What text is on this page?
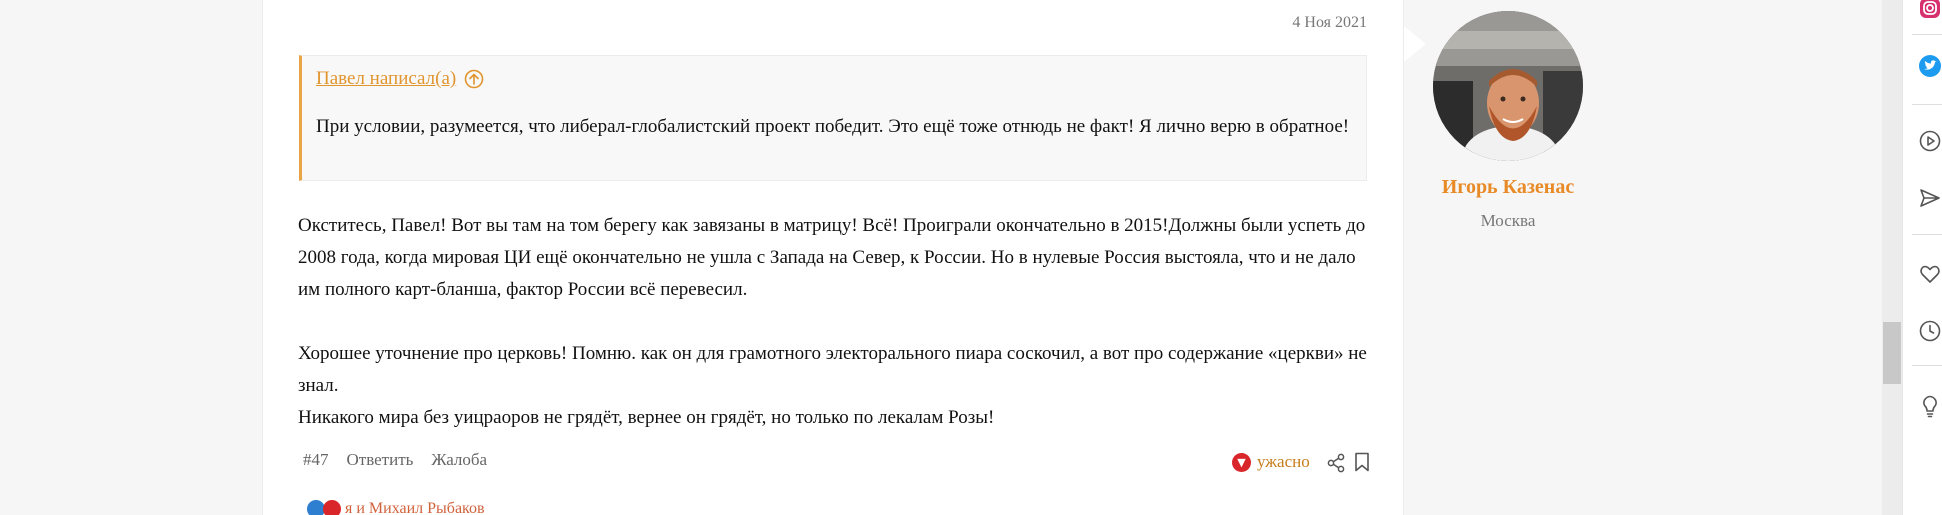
4 Ноя 2021
Павел написал(а)
При условии, разумеется, что либерал-глобалистский проект победит. Это ещё тоже отнюдь не факт! Я лично верю в обратное!

Окститесь, Павел! Вот вы там на том берегу как завязаны в матрицу! Всё! Проиграли окончательно в 2015!Должны были успеть до 2008 года, когда мировая ЦИ ещё окончательно не ушла с Запада на Север, к России. Но в нулевые Россия выстояла, что и не дало им полного карт-бланша, фактор России всё перевесил.

Хорошее уточнение про церковь! Помню. как он для грамотного электорального пиара соскочил, а вот про содержание «церкви» не знал.

Никакого мира без уицраоров не грядёт, вернее он грядёт, но только по лекалам Розы!

#47 Ответить Жалоба	▼ ужасно
я и Михаил Рыбаков
Игорь Казенас
Москва
